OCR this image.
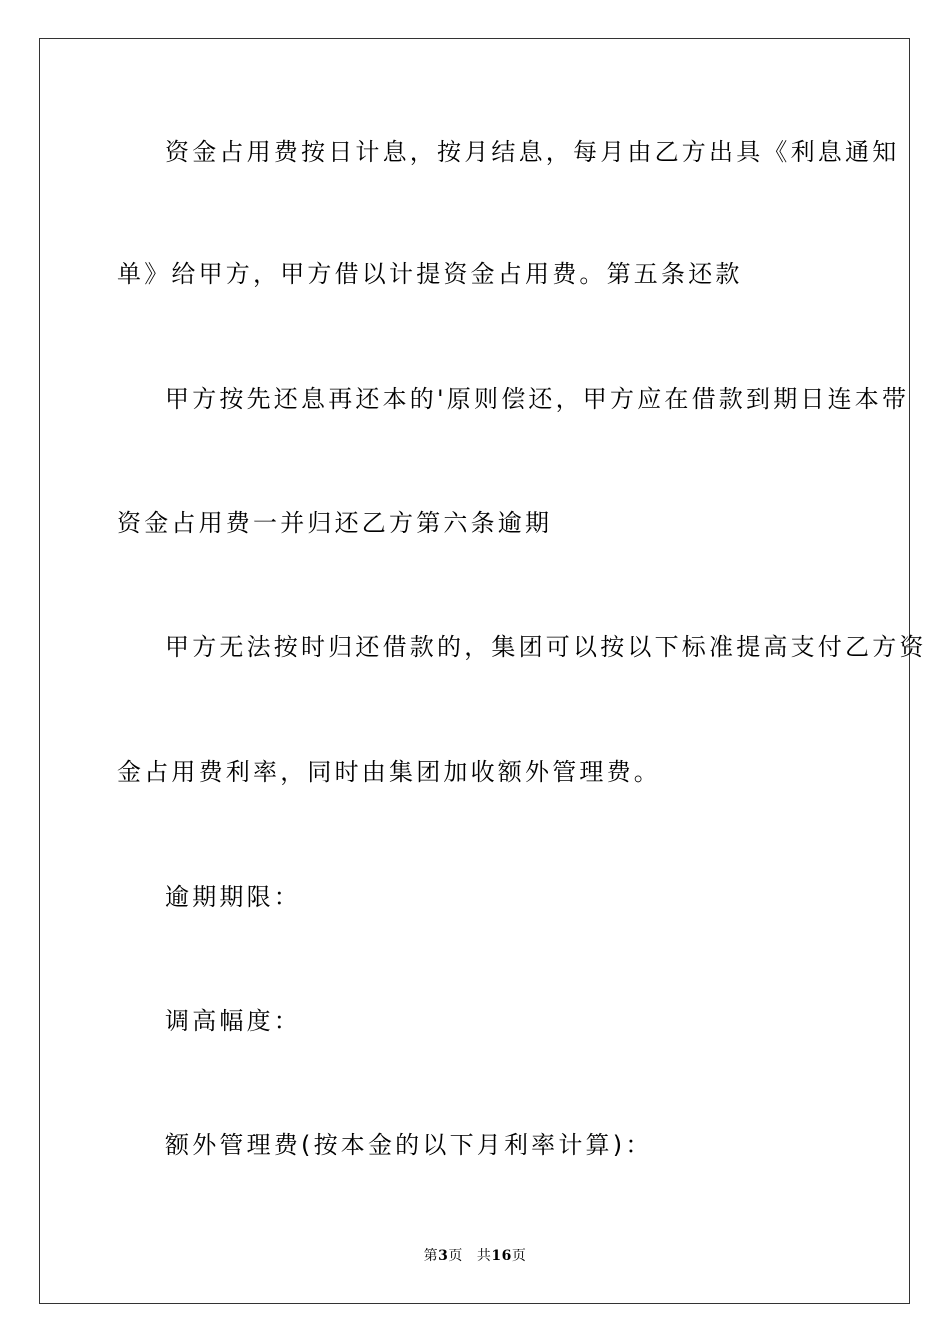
资金占用费按日计息，按月结息，每月由乙方出具《利息通知
单》给甲方，甲方借以计提资金占用费。第五条还款
甲方按先还息再还本的'原则偿还，甲方应在借款到期日连本带
资金占用费一并归还乙方第六条逾期
甲方无法按时归还借款的，集团可以按以下标准提高支付乙方资
金占用费利率，同时由集团加收额外管理费。
逾期期限：
调高幅度：
额外管理费(按本金的以下月利率计算)：
第3页 共16页
